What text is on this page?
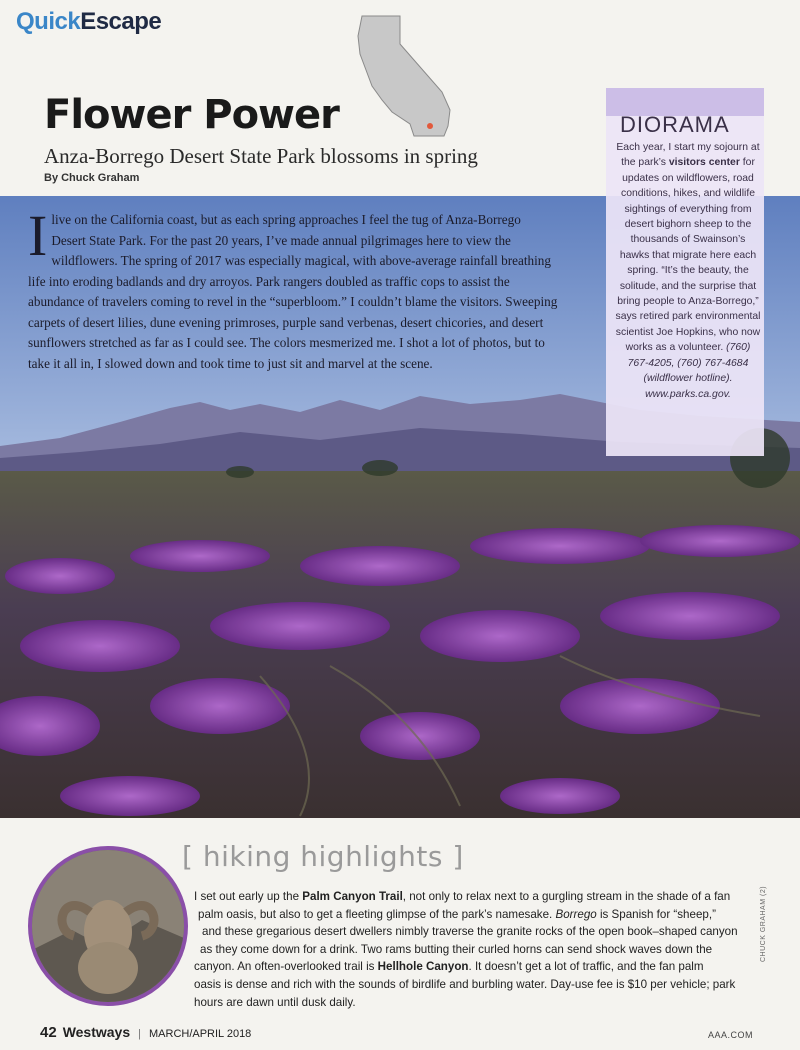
QuickEscape
Flower Power
Anza-Borrego Desert State Park blossoms in spring
By Chuck Graham
Ilive on the California coast, but as each spring approaches I feel the tug of Anza-Borrego Desert State Park. For the past 20 years, I’ve made annual pilgrimages here to view the wildflowers. The spring of 2017 was especially magical, with above-average rainfall breathing life into eroding badlands and dry arroyos. Park rangers doubled as traffic cops to assist the abundance of travelers coming to revel in the “superbloom.” I couldn’t blame the visitors. Sweeping carpets of desert lilies, dune evening primroses, purple sand verbenas, desert chicories, and desert sunflowers stretched as far as I could see. The colors mesmerized me. I shot a lot of photos, but to take it all in, I slowed down and took time to just sit and marvel at the scene.
DIORAMA
Each year, I start my sojourn at the park’s visitors center for updates on wildflowers, road conditions, hikes, and wildlife sightings of everything from desert bighorn sheep to the thousands of Swainson’s hawks that migrate here each spring. “It’s the beauty, the solitude, and the surprise that bring people to Anza-Borrego,” says retired park environmental scientist Joe Hopkins, who now works as a volunteer. (760) 767-4205, (760) 767-4684 (wildflower hotline). www.parks.ca.gov.
[ hiking highlights ]
I set out early up the Palm Canyon Trail, not only to relax next to a gurgling stream in the shade of a fan
palm oasis, but also to get a fleeting glimpse of the park’s namesake. Borrego is Spanish for “sheep,”
and these gregarious desert dwellers nimbly traverse the granite rocks of the open book–shaped canyon
as they come down for a drink. Two rams butting their curled horns can send shock waves down the
canyon. An often-overlooked trail is Hellhole Canyon. It doesn’t get a lot of traffic, and the fan palm
oasis is dense and rich with the sounds of birdlife and burbling water. Day-use fee is $10 per vehicle; park
hours are dawn until dusk daily.
CHUCK GRAHAM (2)
42 Westways | MARCH/APRIL 2018	AAA.COM
